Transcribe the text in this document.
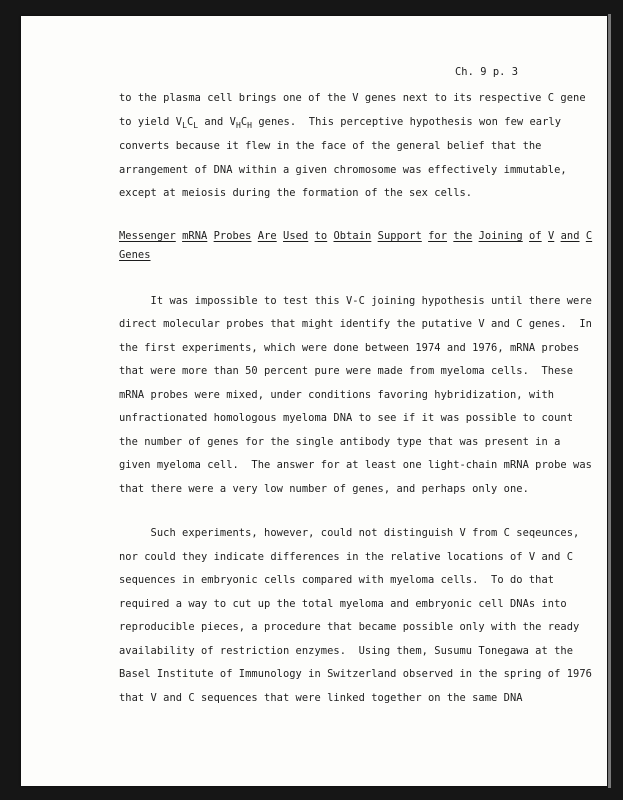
Ch. 9 p. 3

to the plasma cell brings one of the V genes next to its respective C gene

to yield $V_LC_L$ and $V_HC_H$ genes.  This perceptive hypothesis won few early

converts because it flew in the face of the general belief that the

arrangement of DNA within a given chromosome was effectively immutable,

except at meiosis during the formation of the sex cells.

Messenger mRNA Probes Are Used to Obtain Support for the Joining of V and C

Genes

It was impossible to test this V-C joining hypothesis until there were

direct molecular probes that might identify the putative V and C genes.  In

the first experiments, which were done between 1974 and 1976, mRNA probes

that were more than 50 percent pure were made from myeloma cells.  These

mRNA probes were mixed, under conditions favoring hybridization, with

unfractionated homologous myeloma DNA to see if it was possible to count

the number of genes for the single antibody type that was present in a

given myeloma cell.  The answer for at least one light-chain mRNA probe was

that there were a very low number of genes, and perhaps only one.

Such experiments, however, could not distinguish V from C seqeunces,

nor could they indicate differences in the relative locations of V and C

sequences in embryonic cells compared with myeloma cells.  To do that

required a way to cut up the total myeloma and embryonic cell DNAs into

reproducible pieces, a procedure that became possible only with the ready

availability of restriction enzymes.  Using them, Susumu Tonegawa at the

Basel Institute of Immunology in Switzerland observed in the spring of 1976

that V and C sequences that were linked together on the same DNA
